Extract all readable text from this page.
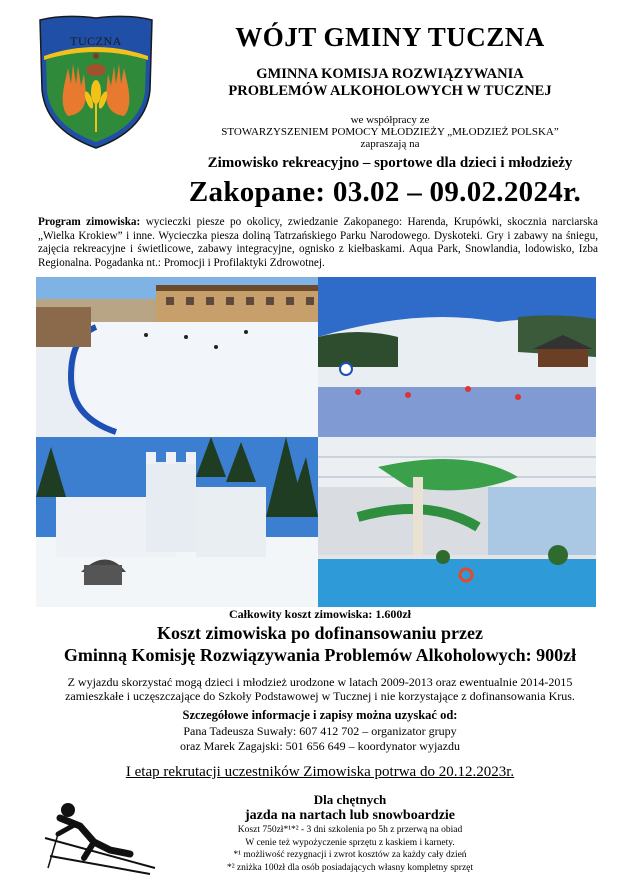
TUCZNA	WÓJT GMINY TUCZNA
GMINNA KOMISJA ROZWIĄZYWANIA
PROBLEMÓW ALKOHOLOWYCH W TUCZNEJ
we współpracy ze
STOWARZYSZENIEM POMOCY MŁODZIEŻY „MŁODZIEŻ POLSKA”
zapraszają na
Zimowisko rekreacyjno – sportowe dla dzieci i młodzieży
Zakopane: 03.02 – 09.02.2024r.
Program zimowiska: wycieczki piesze po okolicy, zwiedzanie Zakopanego: Harenda, Krupówki, skocznia narciarska „Wielka Krokiew” i inne. Wycieczka piesza doliną Tatrzańskiego Parku Narodowego. Dyskoteki. Gry i zabawy na śniegu, zajęcia rekreacyjne i świetlicowe, zabawy integracyjne, ognisko z kiełbaskami. Aqua Park, Snowlandia, lodowisko, Izba Regionalna. Pogadanka nt.: Promocji i Profilaktyki Zdrowotnej.
Całkowity koszt zimowiska: 1.600zł
Koszt zimowiska po dofinansowaniu przez
Gminną Komisję Rozwiązywania Problemów Alkoholowych: 900zł
Z wyjazdu skorzystać mogą dzieci i młodzież urodzone w latach 2009-2013 oraz ewentualnie 2014-2015
zamieszkałe i uczęszczające do Szkoły Podstawowej w Tucznej i nie korzystające z dofinansowania Krus.
Szczegółowe informacje i zapisy można uzyskać od:
Pana Tadeusza Suwały: 607 412 702 – organizator grupy
oraz Marek Zagajski: 501 656 649 – koordynator wyjazdu
I etap rekrutacji uczestników Zimowiska potrwa do 20.12.2023r.
Dla chętnych
jazda na nartach lub snowboardzie
Koszt 750zł*¹*² - 3 dni szkolenia po 5h z przerwą na obiad
W cenie też wypożyczenie sprzętu z kaskiem i karnety.
*¹ możliwość rezygnacji i zwrot kosztów za każdy cały dzień
*² zniżka 100zł dla osób posiadających własny kompletny sprzęt
